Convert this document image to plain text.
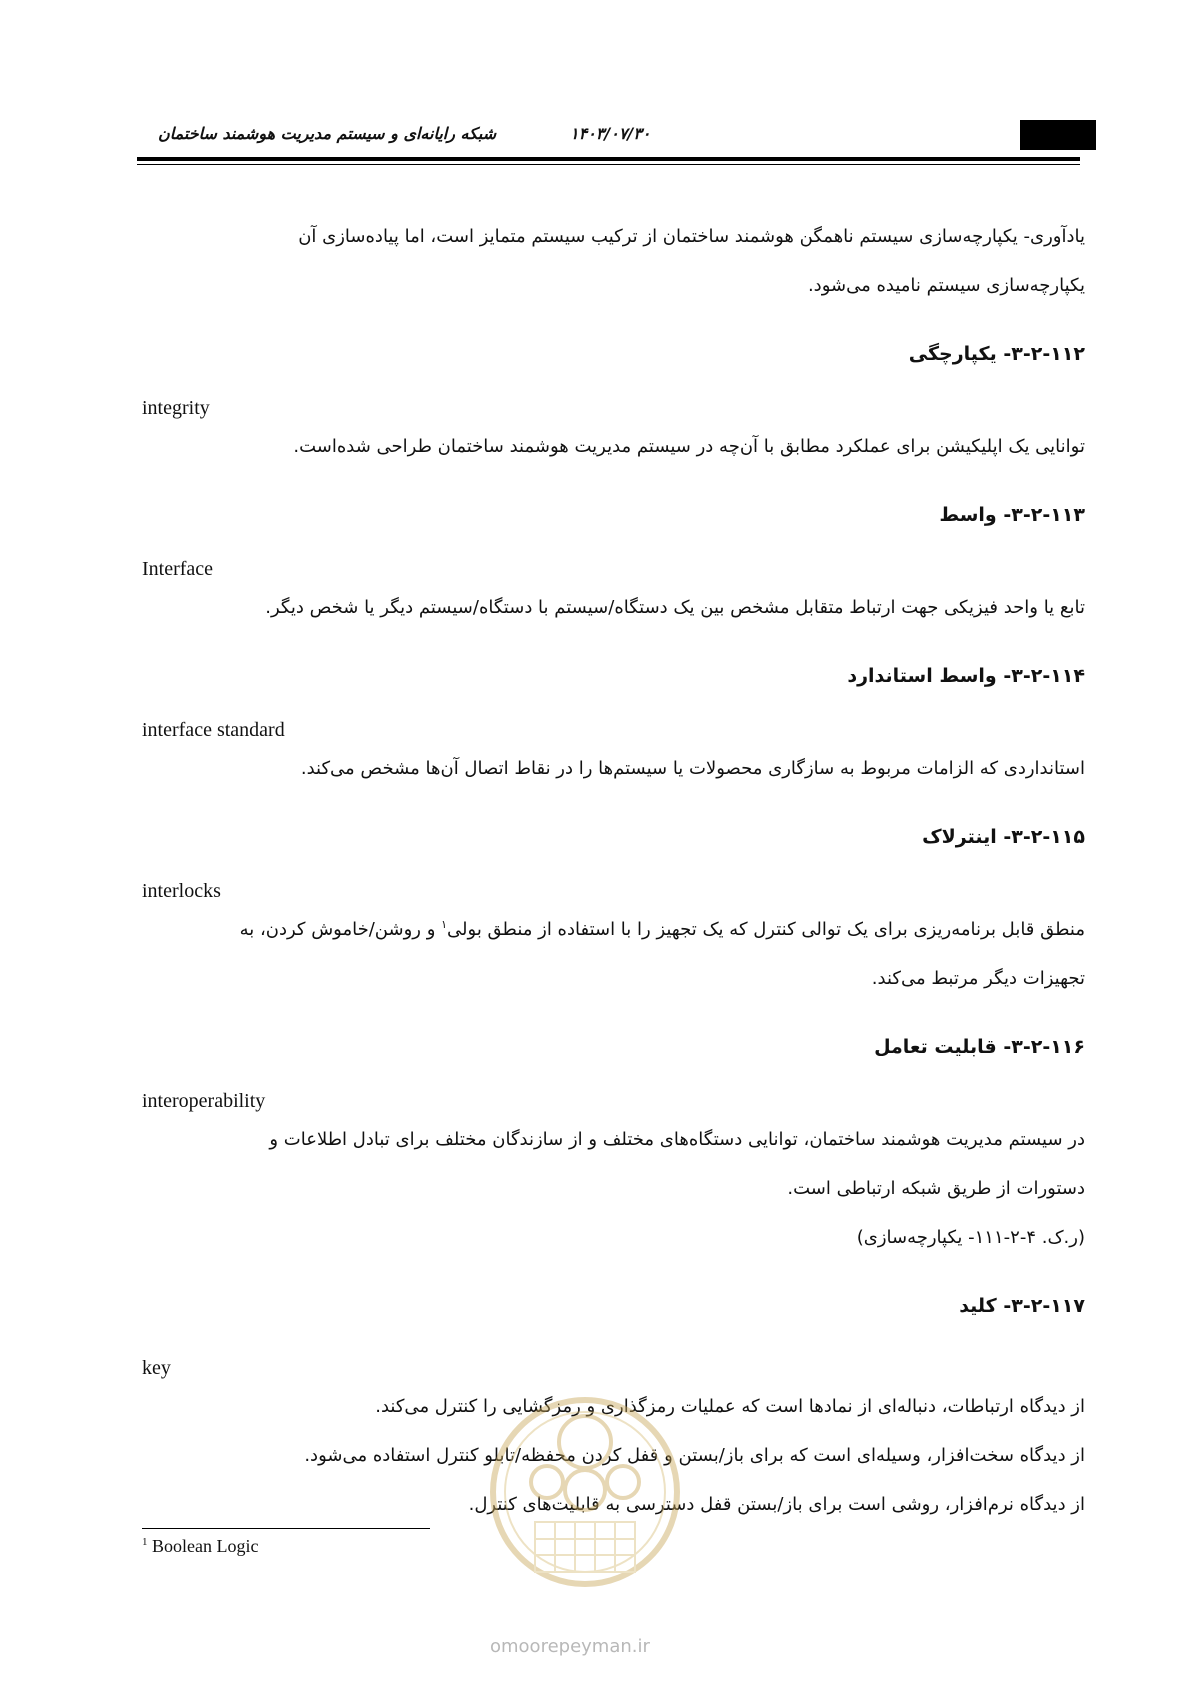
شبکه رایانه‌ای و سیستم مدیریت هوشمند ساختمان	۱۴۰۳/۰۷/۳۰

یادآوری- یکپارچه‌سازی سیستم ناهمگن هوشمند ساختمان از ترکیب سیستم متمایز است، اما پیاده‌سازی آن

یکپارچه‌سازی سیستم نامیده می‌شود.

۳-۲-۱۱۲- یکپارچگی

integrity

توانایی یک اپلیکیشن برای عملکرد مطابق با آن‌چه در سیستم مدیریت هوشمند ساختمان طراحی شده‌است.

۳-۲-۱۱۳- واسط

Interface

تابع یا واحد فیزیکی جهت ارتباط متقابل مشخص بین یک دستگاه/سیستم با دستگاه/سیستم دیگر یا شخص دیگر.

۳-۲-۱۱۴- واسط استاندارد

interface standard

استانداردی که الزامات مربوط به سازگاری محصولات یا سیستم‌ها را در نقاط اتصال آن‌ها مشخص می‌کند.

۳-۲-۱۱۵- اینترلاک

interlocks

منطق قابل برنامه‌ریزی برای یک توالی کنترل که یک تجهیز را با استفاده از منطق بولی$^۱$ و روشن/خاموش کردن، به

تجهیزات دیگر مرتبط می‌کند.

۳-۲-۱۱۶- قابلیت تعامل

interoperability

در سیستم مدیریت هوشمند ساختمان، توانایی دستگاه‌های مختلف و از سازندگان مختلف برای تبادل اطلاعات و

دستورات از طریق شبکه ارتباطی است.

(ر.ک. ۴-۲-۱۱۱- یکپارچه‌سازی)

۳-۲-۱۱۷- کلید

key

از دیدگاه ارتباطات، دنباله‌ای از نمادها است که عملیات رمزگذاری و رمزگشایی را کنترل می‌کند.

از دیدگاه سخت‌افزار، وسیله‌ای است که برای باز/بستن و قفل کردن محفظه/تابلو کنترل استفاده می‌شود.

از دیدگاه نرم‌افزار، روشی است برای باز/بستن قفل دسترسی به قابلیت‌های کنترل.

omoorepeyman.ir
$^1$ Boolean Logic
